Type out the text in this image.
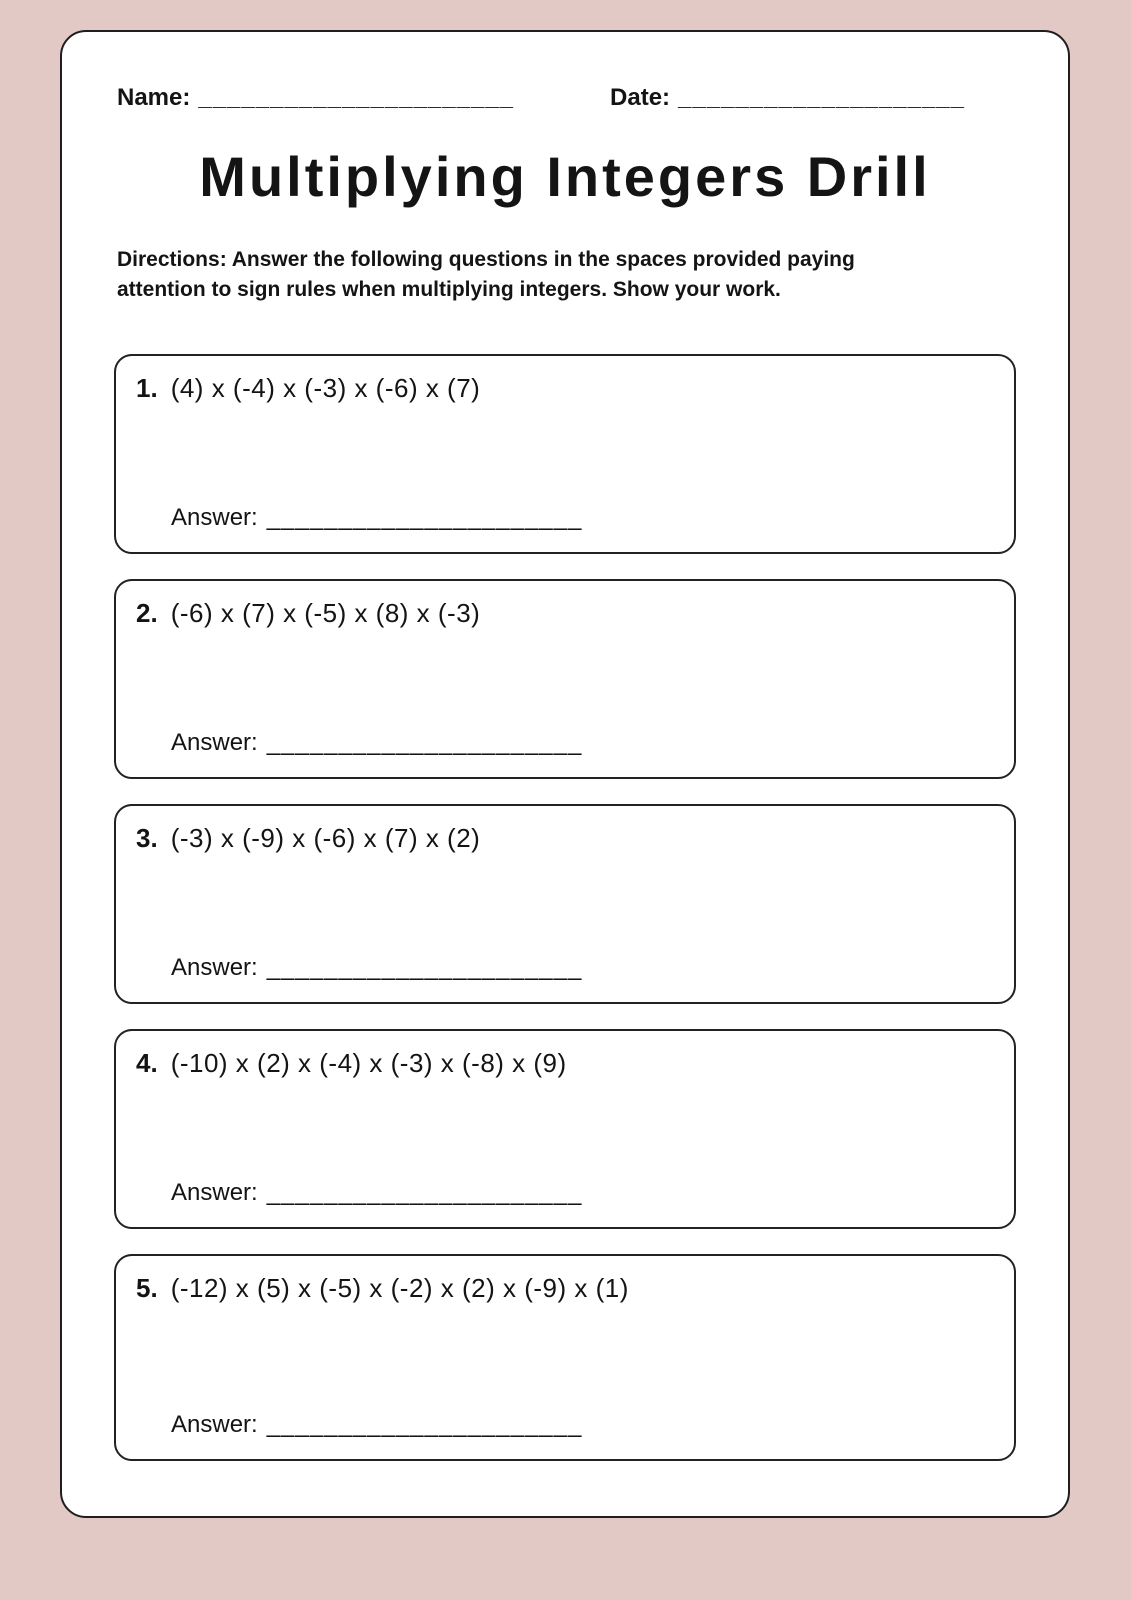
Name: ______________________	Date: ____________________
Multiplying Integers Drill

Directions: Answer the following questions in the spaces provided paying
attention to sign rules when multiplying integers. Show your work.

1. (4) x (-4) x (-3) x (-6) x (7)
Answer: ______________________
2. (-6) x (7) x (-5) x (8) x (-3)
Answer: ______________________
3. (-3) x (-9) x (-6) x (7) x (2)
Answer: ______________________
4. (-10) x (2) x (-4) x (-3) x (-8) x (9)
Answer: ______________________
5. (-12) x (5) x (-5) x (-2) x (2) x (-9) x (1)
Answer: ______________________
